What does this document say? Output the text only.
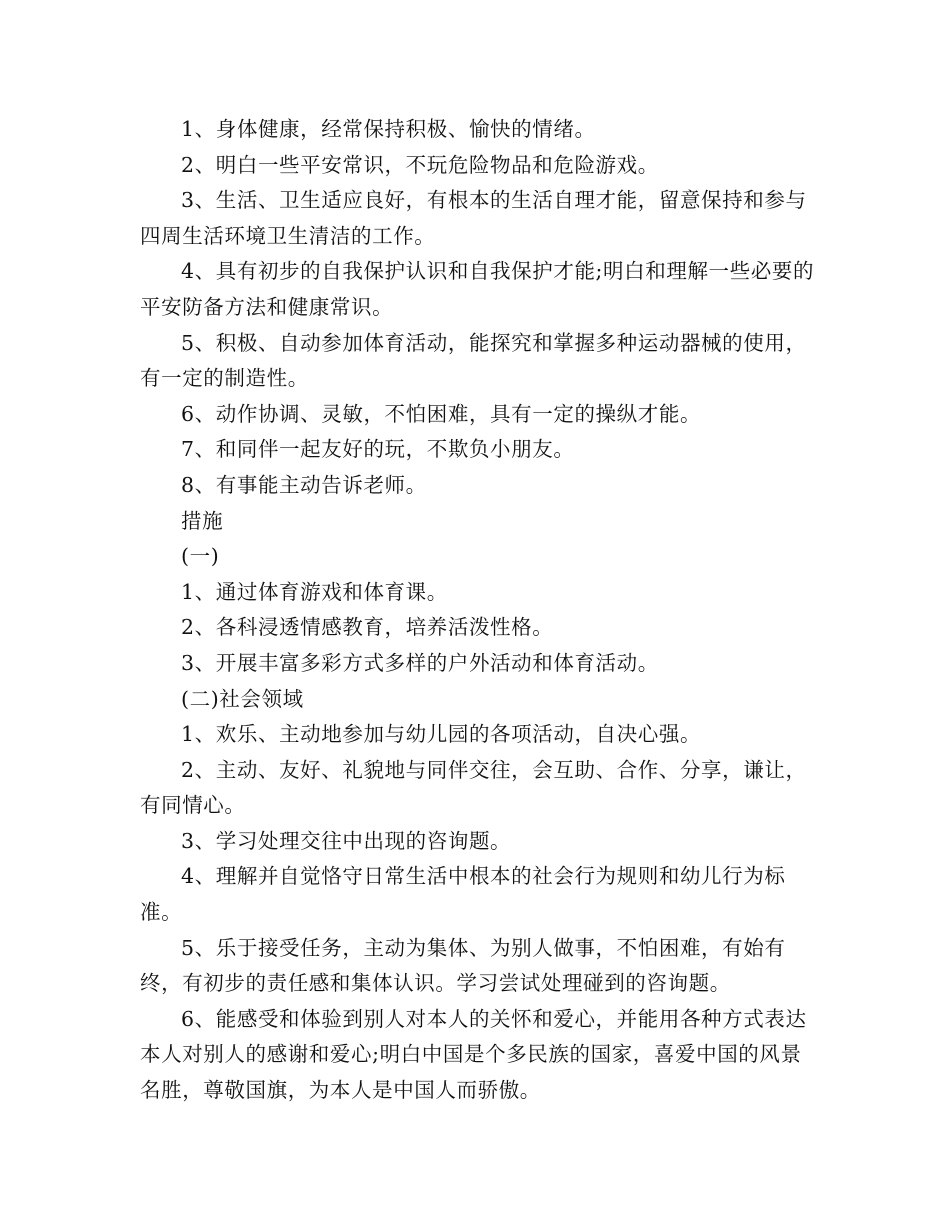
1、身体健康，经常保持积极、愉快的情绪。

2、明白一些平安常识，不玩危险物品和危险游戏。

3、生活、卫生适应良好，有根本的生活自理才能，留意保持和参与四周生活环境卫生清洁的工作。

4、具有初步的自我保护认识和自我保护才能;明白和理解一些必要的平安防备方法和健康常识。

5、积极、自动参加体育活动，能探究和掌握多种运动器械的使用，有一定的制造性。

6、动作协调、灵敏，不怕困难，具有一定的操纵才能。

7、和同伴一起友好的玩，不欺负小朋友。

8、有事能主动告诉老师。

措施

(一)

1、通过体育游戏和体育课。

2、各科浸透情感教育，培养活泼性格。

3、开展丰富多彩方式多样的户外活动和体育活动。

(二)社会领域

1、欢乐、主动地参加与幼儿园的各项活动，自决心强。

2、主动、友好、礼貌地与同伴交往，会互助、合作、分享，谦让，有同情心。

3、学习处理交往中出现的咨询题。

4、理解并自觉恪守日常生活中根本的社会行为规则和幼儿行为标准。

5、乐于接受任务，主动为集体、为别人做事，不怕困难，有始有终，有初步的责任感和集体认识。学习尝试处理碰到的咨询题。

6、能感受和体验到别人对本人的关怀和爱心，并能用各种方式表达本人对别人的感谢和爱心;明白中国是个多民族的国家，喜爱中国的风景名胜，尊敬国旗，为本人是中国人而骄傲。
